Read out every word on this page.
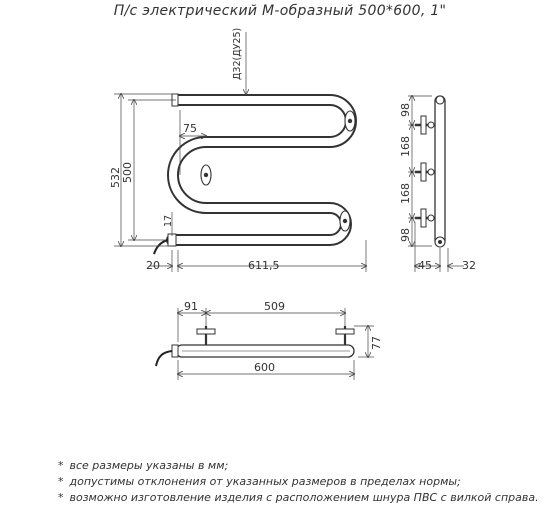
П/с электрический М-образный 500*600, 1"
Д32(ДУ25)
75
532 500
17
20	611,5
98
168
168
98
45	32
91	509
77
600
* все размеры указаны в мм;
* допустимы отклонения от указанных размеров в пределах нормы;
* возможно изготовление изделия с расположением шнура ПВС с вилкой справа.
